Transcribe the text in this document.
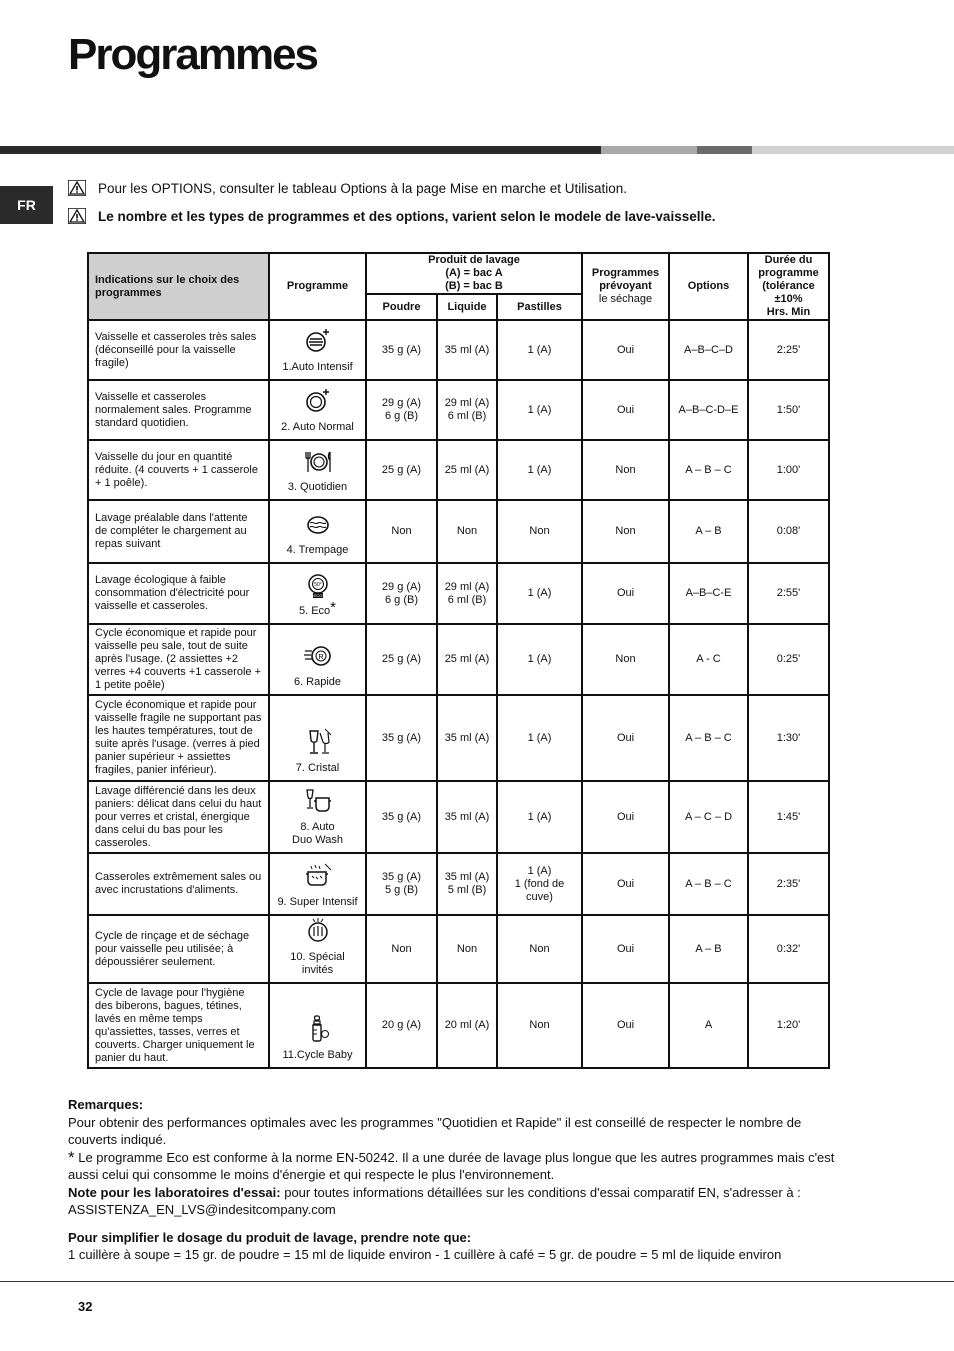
Programmes
FR
Pour les OPTIONS, consulter le tableau Options à la page Mise en marche et Utilisation.
Le nombre et les types de programmes et des options, varient selon le modele de lave-vaisselle.
Indications sur le choix des programmes	Programme	Produit de lavage
(A) = bac A
(B) = bac B			Programmes
prévoyant
le séchage	Options	Durée du
programme
(tolérance
±10%
Hrs. Min
		Poudre	Liquide	Pastilles			
Vaisselle et casseroles très sales (déconseillé pour la vaisselle fragile)	1.Auto Intensif	35 g (A)	35 ml (A)	1 (A)	Oui	A–B–C–D	2:25'
Vaisselle et casseroles normalement sales. Programme standard quotidien.	2. Auto Normal	29 g (A)
6 g (B)	29 ml (A)
6 ml (B)	1 (A)	Oui	A–B–C-D–E	1:50'
Vaisselle du jour en quantité réduite. (4 couverts + 1 casserole + 1 poêle).	3. Quotidien	25 g (A)	25 ml (A)	1 (A)	Non	A – B – C	1:00'
Lavage préalable dans l'attente de compléter le chargement au repas suivant	4. Trempage	Non	Non	Non	Non	A – B	0:08'
Lavage écologique à faible consommation d'électricité pour vaisselle et casseroles.	50°
ECO
5. Eco*	29 g (A)
6 g (B)	29 ml (A)
6 ml (B)	1 (A)	Oui	A–B–C-E	2:55'
Cycle économique et rapide pour vaisselle peu sale, tout de suite après l'usage. (2 assiettes +2 verres +4 couverts +1 casserole + 1 petite poêle)	R
6. Rapide	25 g (A)	25 ml (A)	1 (A)	Non	A - C	0:25'
Cycle économique et rapide pour vaisselle fragile ne supportant pas les hautes températures, tout de suite après l'usage. (verres à pied panier supérieur + assiettes fragiles, panier inférieur).	7. Cristal	35 g (A)	35 ml (A)	1 (A)	Oui	A – B – C	1:30'
Lavage différencié dans les deux paniers: délicat dans celui du haut pour verres et cristal, énergique dans celui du bas pour les casseroles.	8. Auto
Duo Wash	35 g (A)	35 ml (A)	1 (A)	Oui	A – C – D	1:45'
Casseroles extrêmement sales ou avec incrustations d'aliments.	9. Super Intensif	35 g (A)
5 g (B)	35 ml (A)
5 ml (B)	1 (A)
1 (fond de
cuve)	Oui	A – B – C	2:35'
Cycle de rinçage et de séchage pour vaisselle peu utilisée; à dépoussiérer seulement.	10. Spécial
invités	Non	Non	Non	Oui	A – B	0:32'
Cycle de lavage pour l'hygiène des biberons, bagues, tétines, lavés en même temps qu'assiettes, tasses, verres et couverts. Charger uniquement le panier du haut.	11.Cycle Baby	20 g (A)	20 ml (A)	Non	Oui	A	1:20'

Remarques:

Pour obtenir des performances optimales avec les programmes "Quotidien et Rapide" il est conseillé de respecter le nombre de couverts indiqué.

* Le programme Eco est conforme à la norme EN-50242. Il a une durée de lavage plus longue que les autres programmes mais c'est aussi celui qui consomme le moins d'énergie et qui respecte le plus l'environnement.

Note pour les laboratoires d'essai: pour toutes informations détaillées sur les conditions d'essai comparatif EN, s'adresser à : ASSISTENZA_EN_LVS@indesitcompany.com

Pour simplifier le dosage du produit de lavage, prendre note que:

1 cuillère à soupe = 15 gr. de poudre = 15 ml de liquide environ - 1 cuillère à café = 5 gr. de poudre = 5 ml de liquide environ

32
